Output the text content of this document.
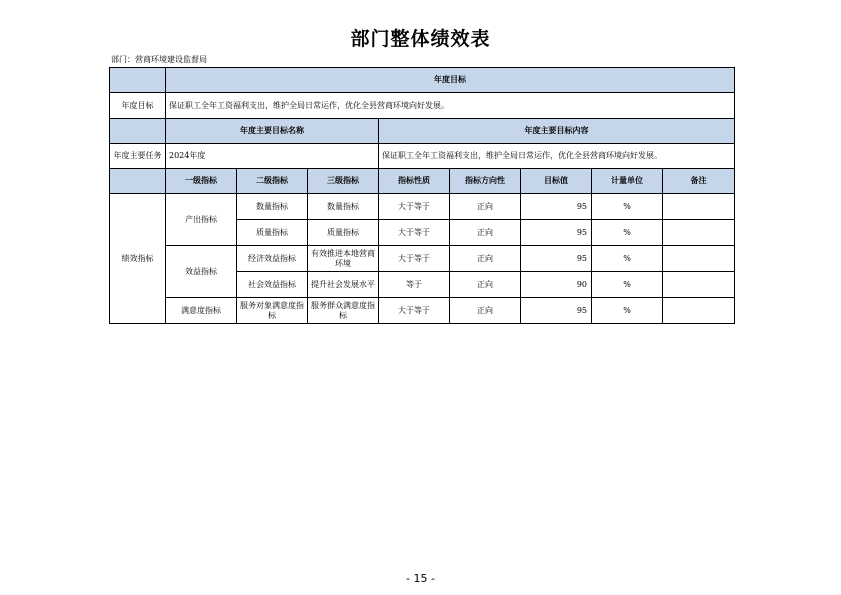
部门整体绩效表
部门：营商环境建设监督局
	年度目标							
年度目标	保证职工全年工资福利支出，维护全局日常运作，优化全县营商环境向好发展。							
	年度主要目标名称			年度主要目标内容				
年度主要任务	2024年度			保证职工全年工资福利支出，维护全局日常运作，优化全县营商环境向好发展。				
	一级指标	二级指标	三级指标	指标性质	指标方向性	目标值	计量单位	备注
绩效指标	产出指标	数量指标	数量指标	大于等于	正向	95	%	
		质量指标	质量指标	大于等于	正向	95	%	
	效益指标	经济效益指标	有效推进本地营商环境	大于等于	正向	95	%	
		社会效益指标	提升社会发展水平	等于	正向	90	%	
	满意度指标	服务对象满意度指标	服务群众满意度指标	大于等于	正向	95	%	
- 15 -
